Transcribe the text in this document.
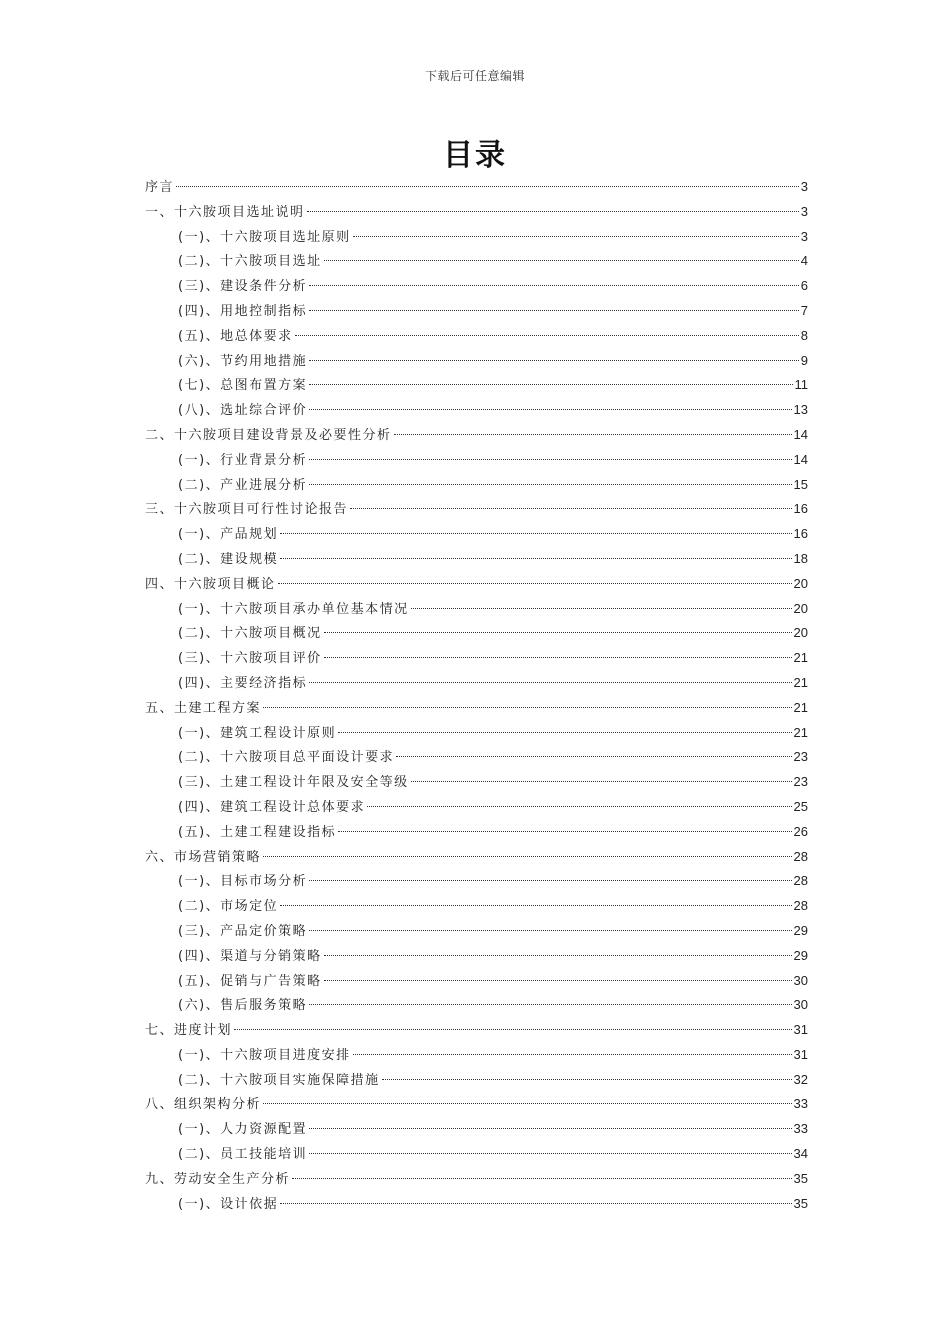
下载后可任意编辑
目录
序言	3
一、十六胺项目选址说明	3
(一)、十六胺项目选址原则	3
(二)、十六胺项目选址	4
(三)、建设条件分析	6
(四)、用地控制指标	7
(五)、地总体要求	8
(六)、节约用地措施	9
(七)、总图布置方案	11
(八)、选址综合评价	13
二、十六胺项目建设背景及必要性分析	14
(一)、行业背景分析	14
(二)、产业进展分析	15
三、十六胺项目可行性讨论报告	16
(一)、产品规划	16
(二)、建设规模	18
四、十六胺项目概论	20
(一)、十六胺项目承办单位基本情况	20
(二)、十六胺项目概况	20
(三)、十六胺项目评价	21
(四)、主要经济指标	21
五、土建工程方案	21
(一)、建筑工程设计原则	21
(二)、十六胺项目总平面设计要求	23
(三)、土建工程设计年限及安全等级	23
(四)、建筑工程设计总体要求	25
(五)、土建工程建设指标	26
六、市场营销策略	28
(一)、目标市场分析	28
(二)、市场定位	28
(三)、产品定价策略	29
(四)、渠道与分销策略	29
(五)、促销与广告策略	30
(六)、售后服务策略	30
七、进度计划	31
(一)、十六胺项目进度安排	31
(二)、十六胺项目实施保障措施	32
八、组织架构分析	33
(一)、人力资源配置	33
(二)、员工技能培训	34
九、劳动安全生产分析	35
(一)、设计依据	35
